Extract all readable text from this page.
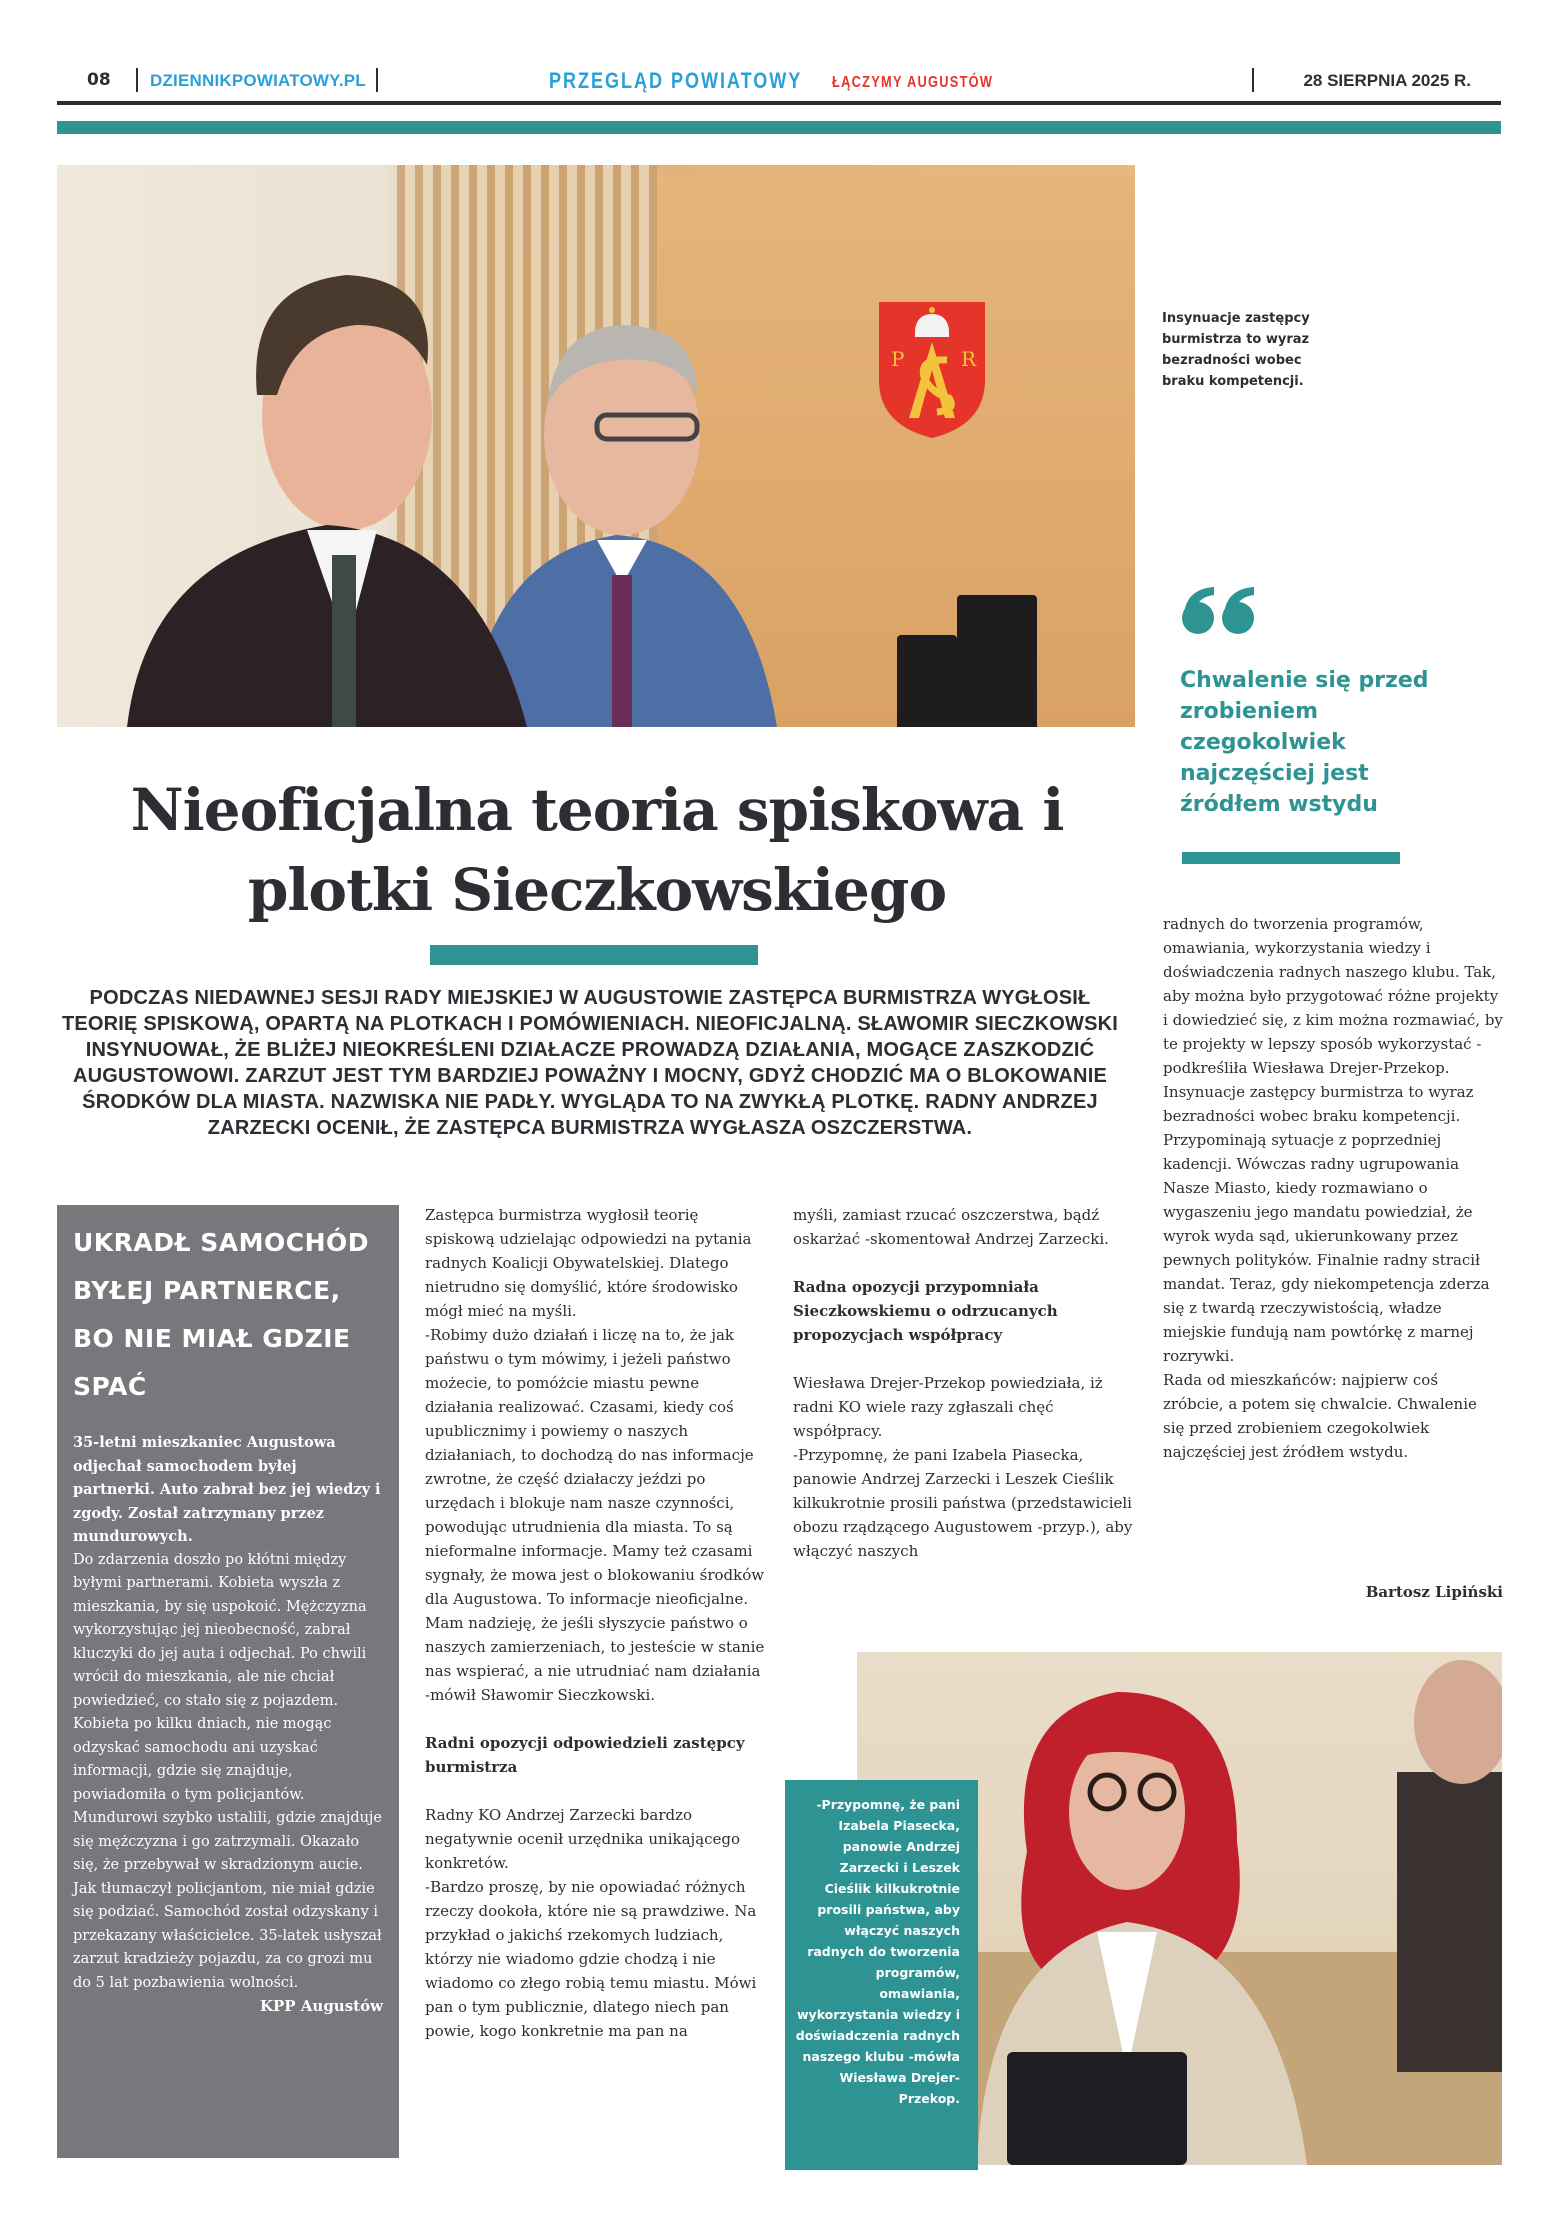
08 DZIENNIKPOWIATOWY.PL	PRZEGLĄD POWIATOWY ŁĄCZYMY AUGUSTÓW	28 SIERPNIA 2025 R.
P	R
Insynuacje zastępcy burmistrza to wyraz bezradności wobec braku kompetencji.
Chwalenie się przed zrobieniem czegokolwiek najczęściej jest źródłem wstydu
Nieoficjalna teoria spiskowa i
plotki Sieczkowskiego
PODCZAS NIEDAWNEJ SESJI RADY MIEJSKIEJ W AUGUSTOWIE ZASTĘPCA BURMISTRZA WYGŁOSIŁ TEORIĘ SPISKOWĄ, OPARTĄ NA PLOTKACH I POMÓWIENIACH. NIEOFICJALNĄ. SŁAWOMIR SIECZKOWSKI INSYNUOWAŁ, ŻE BLIŻEJ NIEOKREŚLENI DZIAŁACZE PROWADZĄ DZIAŁANIA, MOGĄCE ZASZKODZIĆ AUGUSTOWOWI. ZARZUT JEST TYM BARDZIEJ POWAŻNY I MOCNY, GDYŻ CHODZIĆ MA O BLOKOWANIE ŚRODKÓW DLA MIASTA. NAZWISKA NIE PADŁY. WYGLĄDA TO NA ZWYKŁĄ PLOTKĘ. RADNY ANDRZEJ ZARZECKI OCENIŁ, ŻE ZASTĘPCA BURMISTRZA WYGŁASZA OSZCZERSTWA.
UKRADŁ SAMOCHÓD BYŁEJ PARTNERCE, BO NIE MIAŁ GDZIE SPAĆ
35-letni mieszkaniec Augustowa odjechał samochodem byłej partnerki. Auto zabrał bez jej wiedzy i zgody. Został zatrzymany przez mundurowych.
Do zdarzenia doszło po kłótni między byłymi partnerami. Kobieta wyszła z mieszkania, by się uspokoić. Mężczyzna wykorzystując jej nieobecność, zabrał kluczyki do jej auta i odjechał. Po chwili wrócił do mieszkania, ale nie chciał powiedzieć, co stało się z pojazdem. Kobieta po kilku dniach, nie mogąc odzyskać samochodu ani uzyskać informacji, gdzie się znajduje, powiadomiła o tym policjantów. Mundurowi szybko ustalili, gdzie znajduje się mężczyzna i go zatrzymali. Okazało się, że przebywał w skradzionym aucie. Jak tłumaczył policjantom, nie miał gdzie się podziać. Samochód został odzyskany i przekazany właścicielce. 35-latek usłyszał zarzut kradzieży pojazdu, za co grozi mu do 5 lat pozbawienia wolności.
KPP Augustów

Zastępca burmistrza wygłosił teorię spiskową udzielając odpowiedzi na pytania radnych Koalicji Obywatelskiej. Dlatego nietrudno się domyślić, które środowisko mógł mieć na myśli.

-Robimy dużo działań i liczę na to, że jak państwu o tym mówimy, i jeżeli państwo możecie, to pomóżcie miastu pewne działania realizować. Czasami, kiedy coś upublicznimy i powiemy o naszych działaniach, to dochodzą do nas informacje zwrotne, że część działaczy jeździ po urzędach i blokuje nam nasze czynności, powodując utrudnienia dla miasta. To są nieformalne informacje. Mamy też czasami sygnały, że mowa jest o blokowaniu środków dla Augustowa. To informacje nieoficjalne. Mam nadzieję, że jeśli słyszycie państwo o naszych zamierzeniach, to jesteście w stanie nas wspierać, a nie utrudniać nam działania -mówił Sławomir Sieczkowski.

Radni opozycji odpowiedzieli zastępcy burmistrza

Radny KO Andrzej Zarzecki bardzo negatywnie ocenił urzędnika unikającego konkretów.

-Bardzo proszę, by nie opowiadać różnych rzeczy dookoła, które nie są prawdziwe. Na przykład o jakichś rzekomych ludziach, którzy nie wiadomo gdzie chodzą i nie wiadomo co złego robią temu miastu. Mówi pan o tym publicznie, dlatego niech pan powie, kogo konkretnie ma pan na

myśli, zamiast rzucać oszczerstwa, bądź oskarżać -skomentował Andrzej Zarzecki.

Radna opozycji przypomniała Sieczkowskiemu o odrzucanych propozycjach współpracy

Wiesława Drejer-Przekop powiedziała, iż radni KO wiele razy zgłaszali chęć współpracy.

-Przypomnę, że pani Izabela Piasecka, panowie Andrzej Zarzecki i Leszek Cieślik kilkukrotnie prosili państwa (przedstawicieli obozu rządzącego Augustowem -przyp.), aby włączyć naszych

radnych do tworzenia programów, omawiania, wykorzystania wiedzy i doświadczenia radnych naszego klubu. Tak, aby można było przygotować różne projekty i dowiedzieć się, z kim można rozmawiać, by te projekty w lepszy sposób wykorzystać -podkreśliła Wiesława Drejer-Przekop.

Insynuacje zastępcy burmistrza to wyraz bezradności wobec braku kompetencji. Przypominają sytuacje z poprzedniej kadencji. Wówczas radny ugrupowania Nasze Miasto, kiedy rozmawiano o wygaszeniu jego mandatu powiedział, że wyrok wyda sąd, ukierunkowany przez pewnych polityków. Finalnie radny stracił mandat. Teraz, gdy niekompetencja zderza się z twardą rzeczywistością, władze miejskie fundują nam powtórkę z marnej rozrywki.

Rada od mieszkańców: najpierw coś zróbcie, a potem się chwalcie. Chwalenie się przed zrobieniem czegokolwiek najczęściej jest źródłem wstydu.

Bartosz Lipiński
-Przypomnę, że pani Izabela Piasecka, panowie Andrzej Zarzecki i Leszek Cieślik kilkukrotnie prosili państwa, aby włączyć naszych radnych do tworzenia programów, omawiania, wykorzystania wiedzy i doświadczenia radnych naszego klubu -mówła Wiesława Drejer-Przekop.
